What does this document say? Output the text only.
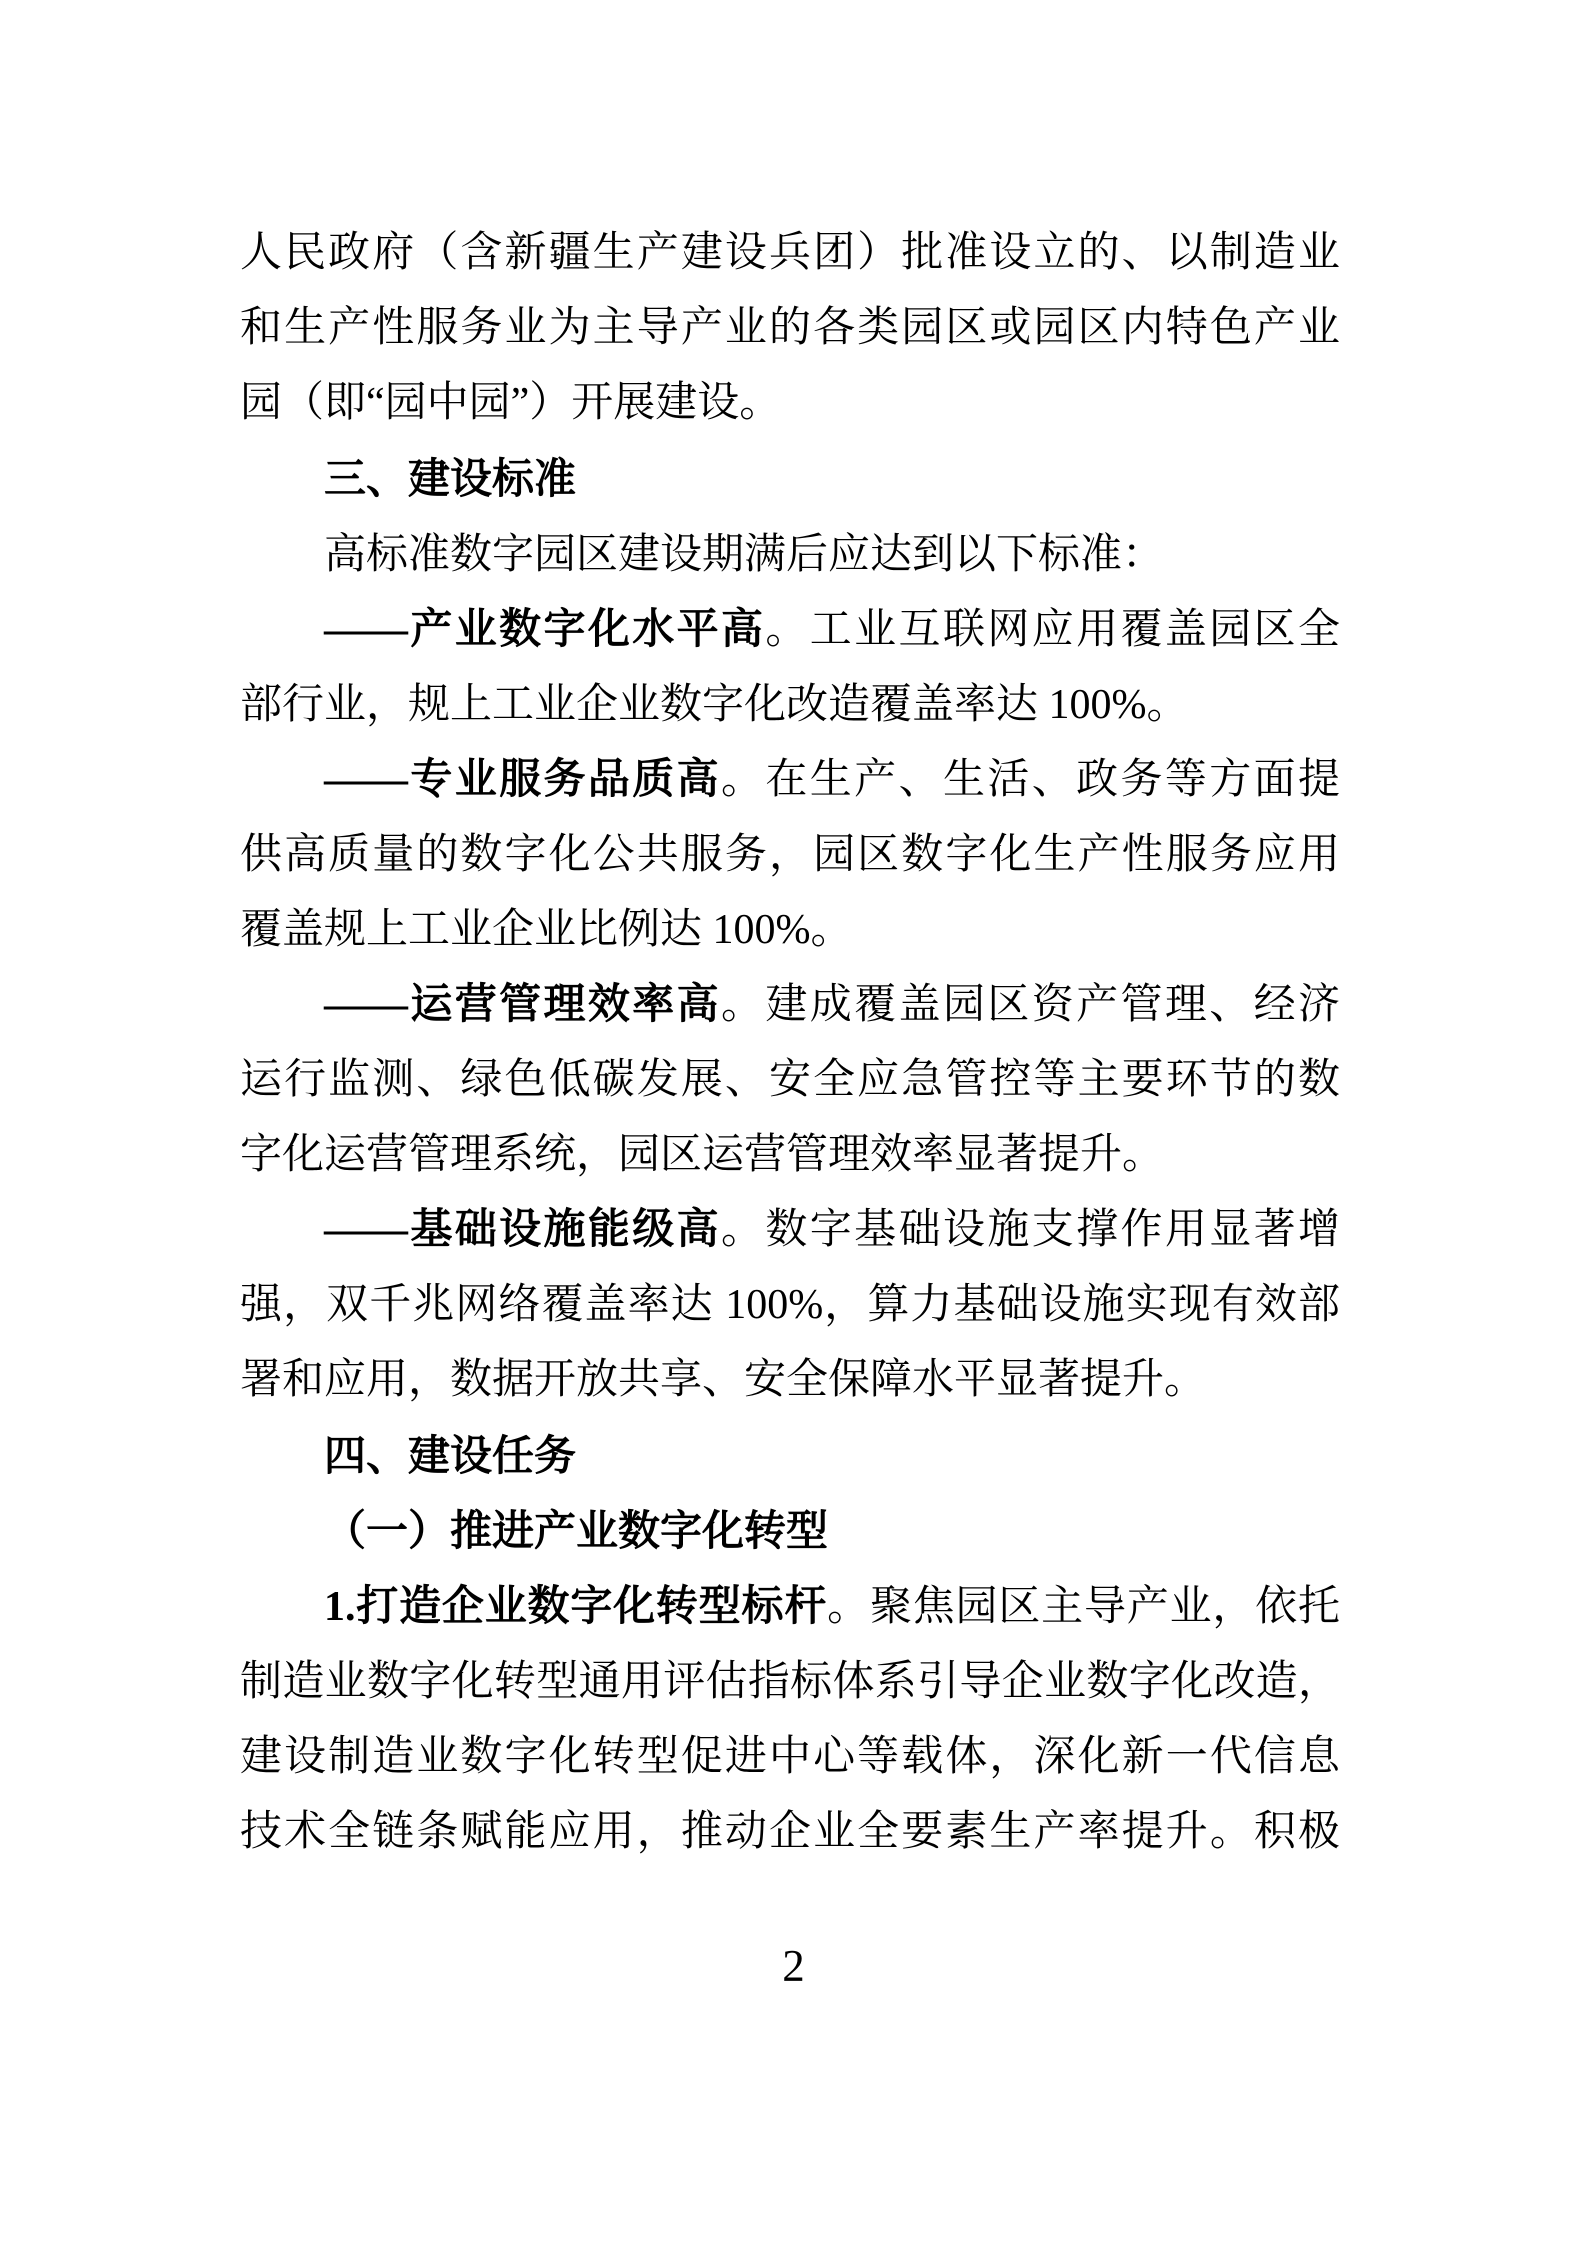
人民政府（含新疆生产建设兵团）批准设立的、以制造业
和生产性服务业为主导产业的各类园区或园区内特色产业
园（即“园中园”）开展建设。
三、建设标准
高标准数字园区建设期满后应达到以下标准：
——产业数字化水平高。工业互联网应用覆盖园区全
部行业，规上工业企业数字化改造覆盖率达 100%。
——专业服务品质高。在生产、生活、政务等方面提
供高质量的数字化公共服务，园区数字化生产性服务应用
覆盖规上工业企业比例达 100%。
——运营管理效率高。建成覆盖园区资产管理、经济
运行监测、绿色低碳发展、安全应急管控等主要环节的数
字化运营管理系统，园区运营管理效率显著提升。
——基础设施能级高。数字基础设施支撑作用显著增
强，双千兆网络覆盖率达 100%，算力基础设施实现有效部
署和应用，数据开放共享、安全保障水平显著提升。
四、建设任务
（一）推进产业数字化转型
1.打造企业数字化转型标杆。聚焦园区主导产业，依托
制造业数字化转型通用评估指标体系引导企业数字化改造，
建设制造业数字化转型促进中心等载体，深化新一代信息
技术全链条赋能应用，推动企业全要素生产率提升。积极
2
